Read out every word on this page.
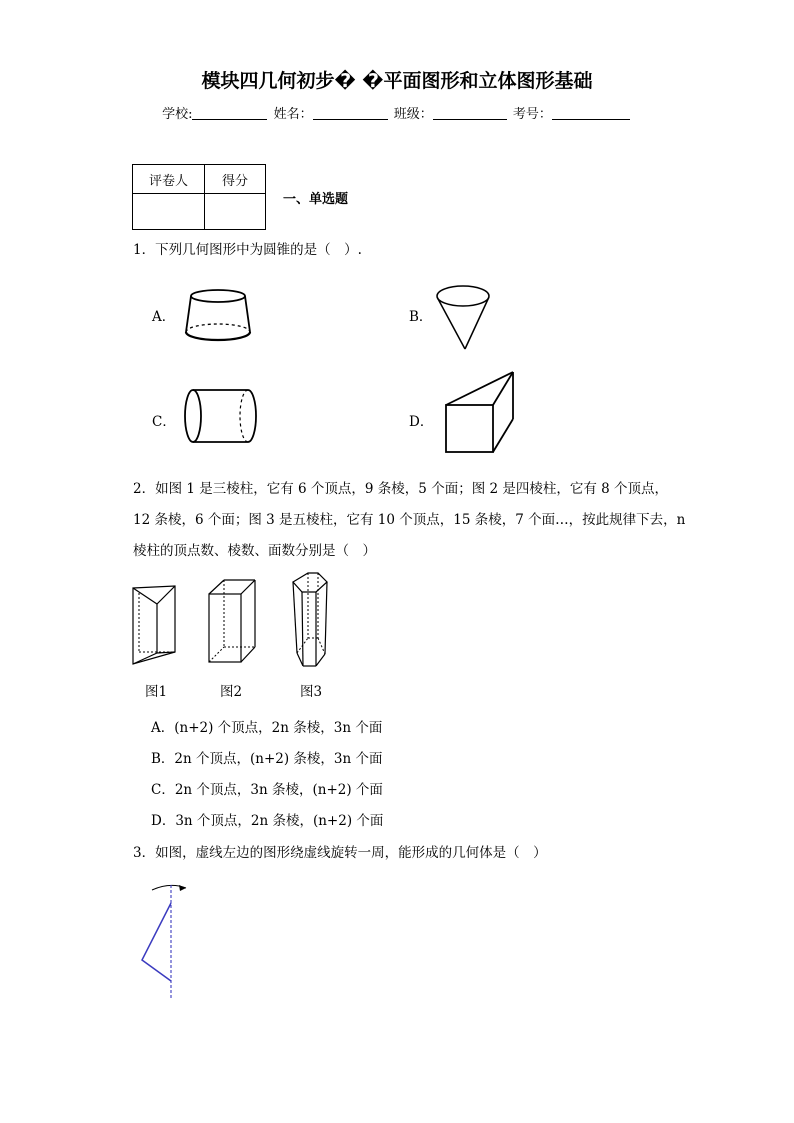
模块四几何初步� �平面图形和立体图形基础
学校:	姓名：	班级：	考号：
评卷人	得分

一、单选题
1．下列几何图形中为圆锥的是（　）.
A．	B．
C．	D．
2．如图 1 是三棱柱，它有 6 个顶点，9 条棱，5 个面；图 2 是四棱柱，它有 8 个顶点，
12 条棱，6 个面；图 3 是五棱柱，它有 10 个顶点，15 条棱，7 个面…，按此规律下去，n
棱柱的顶点数、棱数、面数分别是（　）
图1	图2	图3
A．(n+2) 个顶点，2n 条棱，3n 个面
B．2n 个顶点，(n+2) 条棱，3n 个面
C．2n 个顶点，3n 条棱，(n+2) 个面
D．3n 个顶点，2n 条棱，(n+2) 个面
3．如图，虚线左边的图形绕虚线旋转一周，能形成的几何体是（　）
